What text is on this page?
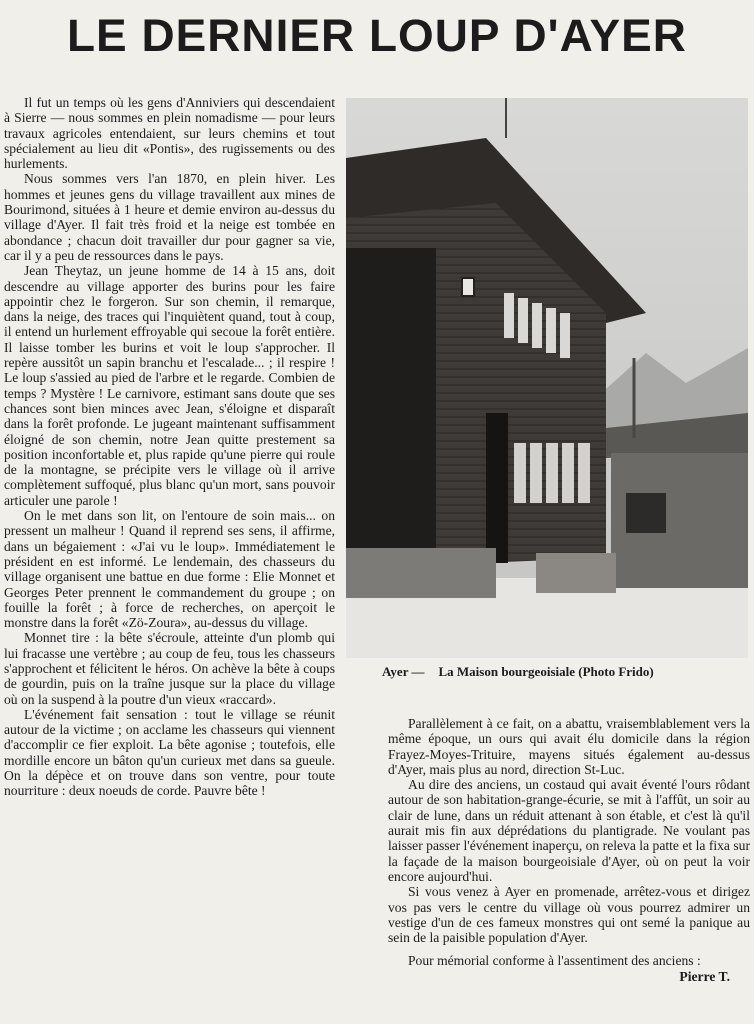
LE DERNIER LOUP D'AYER

Il fut un temps où les gens d'Anniviers qui descendaient à Sierre — nous sommes en plein nomadisme — pour leurs travaux agricoles entendaient, sur leurs chemins et tout spécialement au lieu dit «Pontis», des rugissements ou des hurlements.

Nous sommes vers l'an 1870, en plein hiver. Les hommes et jeunes gens du village travaillent aux mines de Bourimond, situées à 1 heure et demie environ au-dessus du village d'Ayer. Il fait très froid et la neige est tombée en abondance ; chacun doit travailler dur pour gagner sa vie, car il y a peu de ressources dans le pays.

Jean Theytaz, un jeune homme de 14 à 15 ans, doit descendre au village apporter des burins pour les faire appointir chez le forgeron. Sur son chemin, il remarque, dans la neige, des traces qui l'inquiètent quand, tout à coup, il entend un hurlement effroyable qui secoue la forêt entière. Il laisse tomber les burins et voit le loup s'approcher. Il repère aussitôt un sapin branchu et l'escalade... ; il respire ! Le loup s'assied au pied de l'arbre et le regarde. Combien de temps ? Mystère ! Le carnivore, estimant sans doute que ses chances sont bien minces avec Jean, s'éloigne et disparaît dans la forêt profonde. Le jugeant maintenant suffisamment éloigné de son chemin, notre Jean quitte prestement sa position inconfortable et, plus rapide qu'une pierre qui roule de la montagne, se précipite vers le village où il arrive complètement suffoqué, plus blanc qu'un mort, sans pouvoir articuler une parole !

On le met dans son lit, on l'entoure de soin mais... on pressent un malheur ! Quand il reprend ses sens, il affirme, dans un bégaiement : «J'ai vu le loup». Immédiatement le président en est informé. Le lendemain, des chasseurs du village organisent une battue en due forme : Elie Monnet et Georges Peter prennent le commandement du groupe ; on fouille la forêt ; à force de recherches, on aperçoit le monstre dans la forêt «Zö-Zoura», au-dessus du village.

Monnet tire : la bête s'écroule, atteinte d'un plomb qui lui fracasse une vertèbre ; au coup de feu, tous les chasseurs s'approchent et félicitent le héros. On achève la bête à coups de gourdin, puis on la traîne jusque sur la place du village où on la suspend à la poutre d'un vieux «raccard».

L'événement fait sensation : tout le village se réunit autour de la victime ; on acclame les chasseurs qui viennent d'accomplir ce fier exploit. La bête agonise ; toutefois, elle mordille encore un bâton qu'un curieux met dans sa gueule. On la dépèce et on trouve dans son ventre, pour toute nourriture : deux noeuds de corde. Pauvre bête !

Ayer — La Maison bourgeoisiale (Photo Frido)

Parallèlement à ce fait, on a abattu, vraisemblablement vers la même époque, un ours qui avait élu domicile dans la région Frayez-Moyes-Trituire, mayens situés également au-dessus d'Ayer, mais plus au nord, direction St-Luc.

Au dire des anciens, un costaud qui avait éventé l'ours rôdant autour de son habitation-grange-écurie, se mit à l'affût, un soir au clair de lune, dans un réduit attenant à son étable, et c'est là qu'il aurait mis fin aux déprédations du plantigrade. Ne voulant pas laisser passer l'événement inaperçu, on releva la patte et la fixa sur la façade de la maison bourgeoisiale d'Ayer, où on peut la voir encore aujourd'hui.

Si vous venez à Ayer en promenade, arrêtez-vous et dirigez vos pas vers le centre du village où vous pourrez admirer un vestige d'un de ces fameux monstres qui ont semé la panique au sein de la paisible population d'Ayer.

Pour mémorial conforme à l'assentiment des anciens :

Pierre T.
